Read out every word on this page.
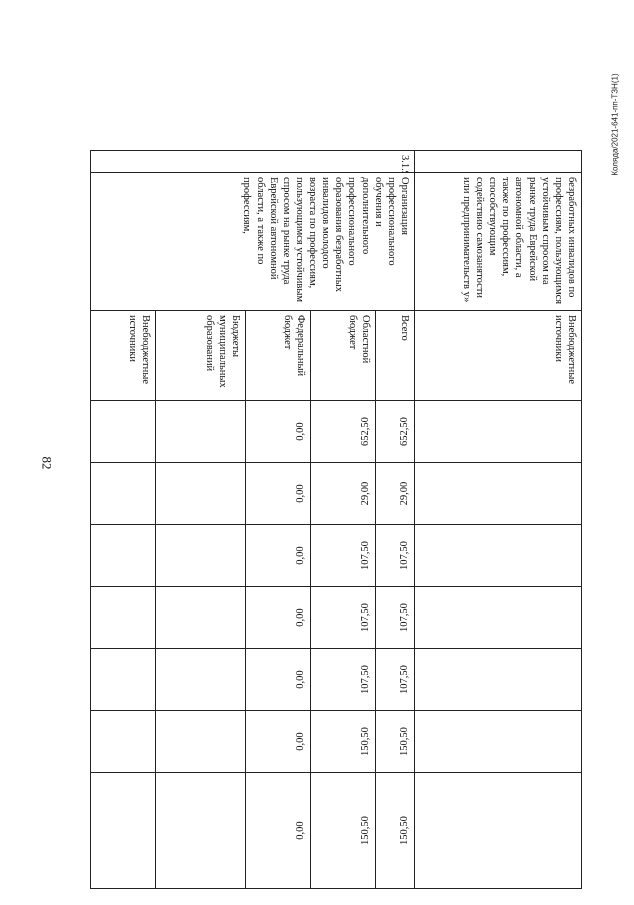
82
Коляда/2021-641-пп-ТЗН(1)
	безработных инвалидов по профессиям, пользующимся устойчивым спросом на рынке труда Еврейской автономной области, а также по профессиям, способствующим содействию самозанятости или предпринимательств у»	Внебюджетные источники	

3.1.9	Организация профессионального обучения и дополнительного профессионального образования безработных инвалидов молодого возраста по профессиям, пользующимся устойчивым спросом на рынке труда Еврейской автономной области, а также по профессиям,	Всего	652,50	29,00	107,50	107,50	107,50	150,50	150,50

		Областной бюджет	652,50	29,00	107,50	107,50	107,50	150,50	150,50

		Федеральный бюджет	0,00	0,00	0,00	0,00	0,00	0,00	0,00

		Бюджеты муниципальных образований	

		Внебюджетные источники	
